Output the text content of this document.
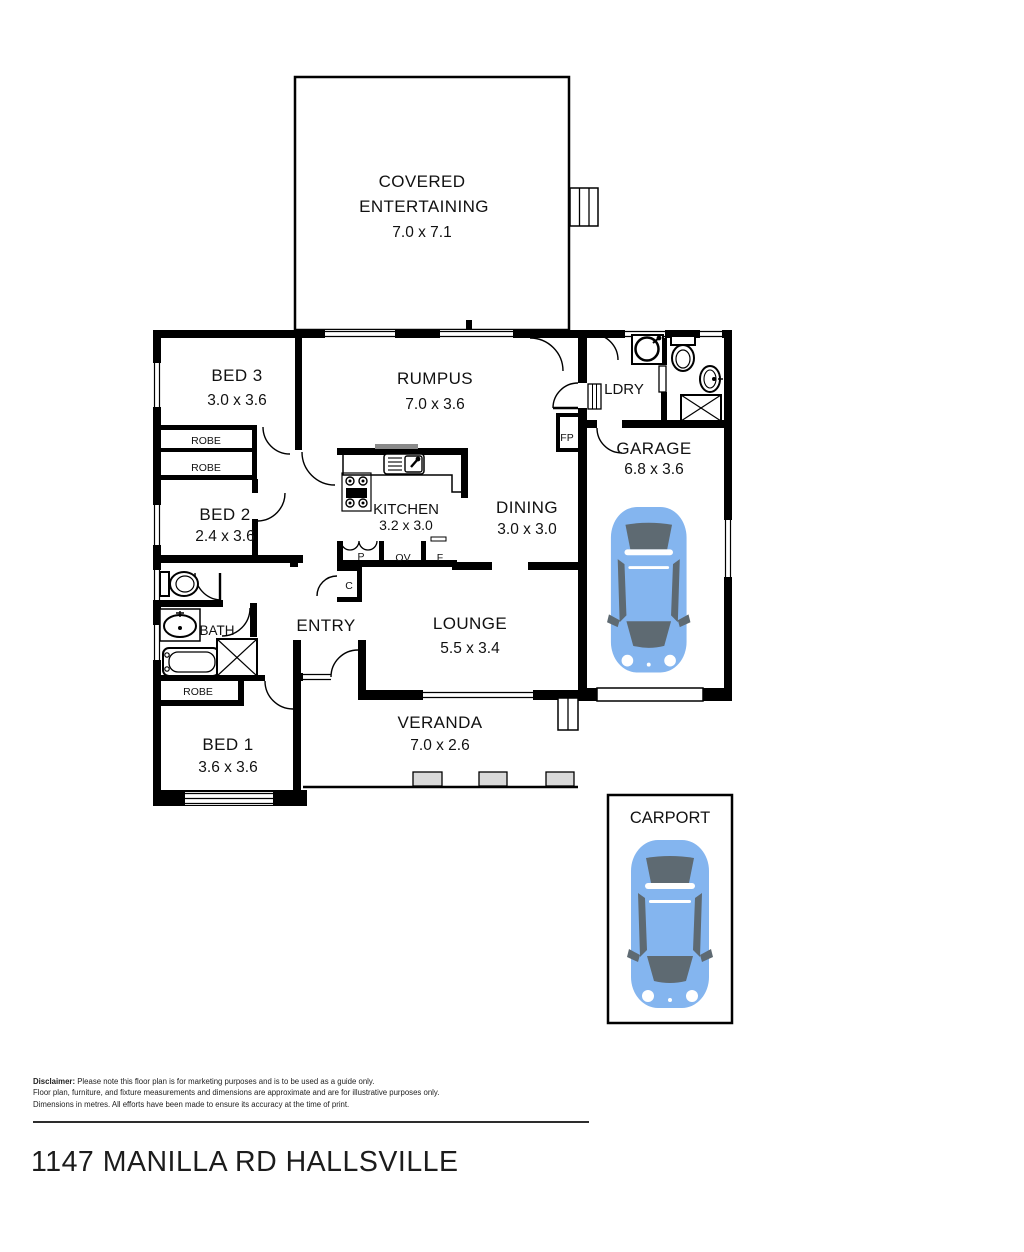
COVERED
ENTERTAINING
7.0 x 7.1
BED 3
3.0 x 3.6
RUMPUS
7.0 x 3.6
LDRY
GARAGE
6.8 x 3.6
ROBE
ROBE
ROBE
BED 2
2.4 x 3.6
KITCHEN
3.2 x 3.0
DINING
3.0 x 3.0
FP
P	OV F
C
BATH	ENTRY	LOUNGE
5.5 x 3.4
VERANDA
7.0 x 2.6
BED 1
3.6 x 3.6
CARPORT
Disclaimer: Please note this floor plan is for marketing purposes and is to be used as a guide only.
Floor plan, furniture, and fixture measurements and dimensions are approximate and are for illustrative purposes only.
Dimensions in metres. All efforts have been made to ensure its accuracy at the time of print.
1147 MANILLA RD HALLSVILLE
